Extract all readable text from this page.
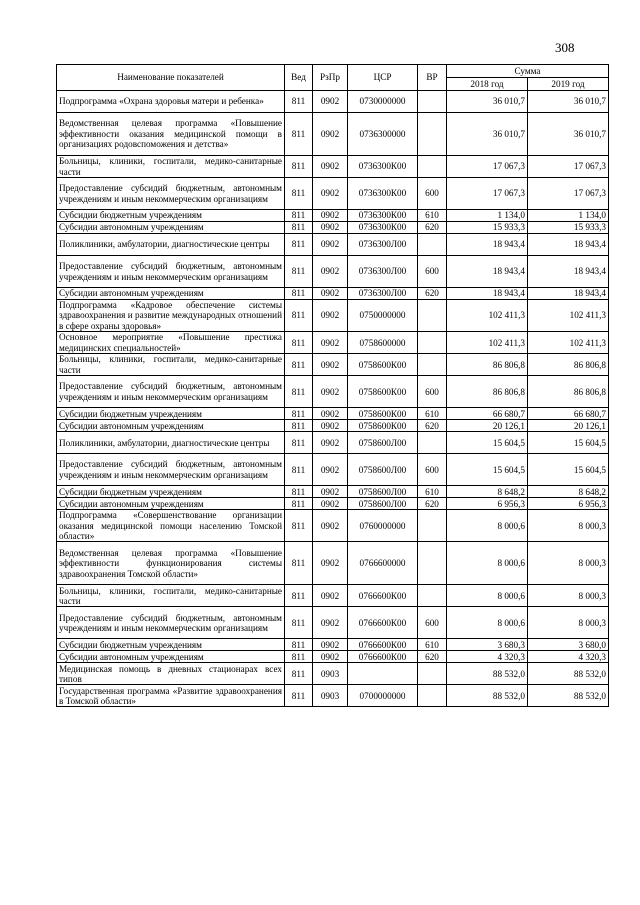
308
Наименование показателей	Вед	РзПр	ЦСР	ВР	Сумма	
					2018 год	2019 год
Подпрограмма «Охрана здоровья матери и ребенка»	811	0902	0730000000		36 010,7	36 010,7
Ведомственная целевая программа «Повышение эффективности оказания медицинской помощи в организациях родовспоможения и детства»	811	0902	0736300000		36 010,7	36 010,7
Больницы, клиники, госпитали, медико-санитарные части	811	0902	0736300К00		17 067,3	17 067,3
Предоставление субсидий бюджетным, автономным учреждениям и иным некоммерческим организациям	811	0902	0736300К00	600	17 067,3	17 067,3
Субсидии бюджетным учреждениям	811	0902	0736300К00	610	1 134,0	1 134,0
Субсидии автономным учреждениям	811	0902	0736300К00	620	15 933,3	15 933,3
Поликлиники, амбулатории, диагностические центры	811	0902	0736300Л00		18 943,4	18 943,4
Предоставление субсидий бюджетным, автономным учреждениям и иным некоммерческим организациям	811	0902	0736300Л00	600	18 943,4	18 943,4
Субсидии автономным учреждениям	811	0902	0736300Л00	620	18 943,4	18 943,4
Подпрограмма «Кадровое обеспечение системы здравоохранения и развитие международных отношений в сфере охраны здоровья»	811	0902	0750000000		102 411,3	102 411,3
Основное мероприятие «Повышение престижа медицинских специальностей»	811	0902	0758600000		102 411,3	102 411,3
Больницы, клиники, госпитали, медико-санитарные части	811	0902	0758600К00		86 806,8	86 806,8
Предоставление субсидий бюджетным, автономным учреждениям и иным некоммерческим организациям	811	0902	0758600К00	600	86 806,8	86 806,8
Субсидии бюджетным учреждениям	811	0902	0758600К00	610	66 680,7	66 680,7
Субсидии автономным учреждениям	811	0902	0758600К00	620	20 126,1	20 126,1
Поликлиники, амбулатории, диагностические центры	811	0902	0758600Л00		15 604,5	15 604,5
Предоставление субсидий бюджетным, автономным учреждениям и иным некоммерческим организациям	811	0902	0758600Л00	600	15 604,5	15 604,5
Субсидии бюджетным учреждениям	811	0902	0758600Л00	610	8 648,2	8 648,2
Субсидии автономным учреждениям	811	0902	0758600Л00	620	6 956,3	6 956,3
Подпрограмма «Совершенствование организации оказания медицинской помощи населению Томской области»	811	0902	0760000000		8 000,6	8 000,3
Ведомственная целевая программа «Повышение эффективности функционирования системы здравоохранения Томской области»	811	0902	0766600000		8 000,6	8 000,3
Больницы, клиники, госпитали, медико-санитарные части	811	0902	0766600К00		8 000,6	8 000,3
Предоставление субсидий бюджетным, автономным учреждениям и иным некоммерческим организациям	811	0902	0766600К00	600	8 000,6	8 000,3
Субсидии бюджетным учреждениям	811	0902	0766600К00	610	3 680,3	3 680,0
Субсидии автономным учреждениям	811	0902	0766600К00	620	4 320,3	4 320,3
Медицинская помощь в дневных стационарах всех типов	811	0903			88 532,0	88 532,0
Государственная программа «Развитие здравоохранения в Томской области»	811	0903	0700000000		88 532,0	88 532,0
